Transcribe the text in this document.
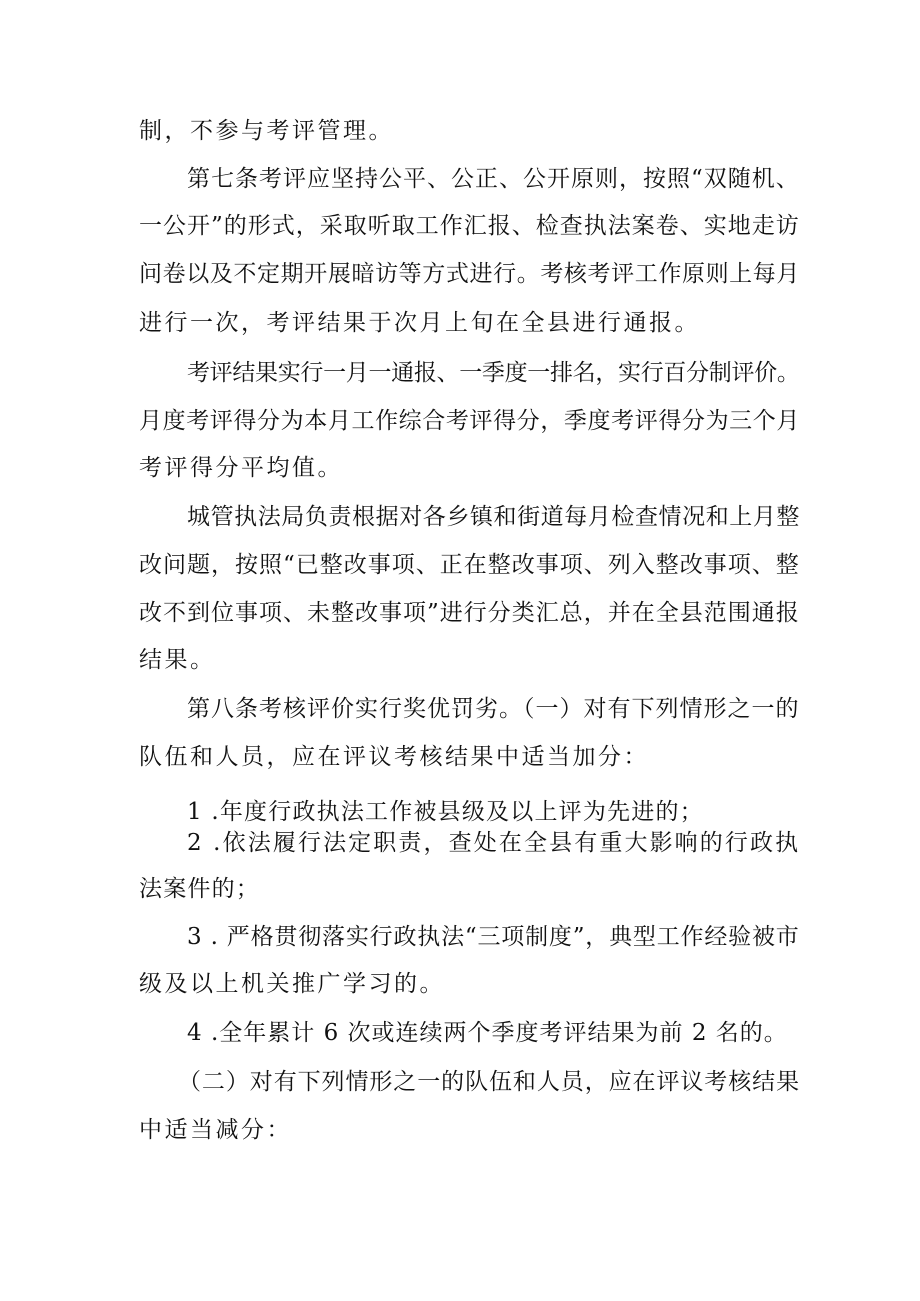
制，不参与考评管理。

第七条考评应坚持公平、公正、公开原则，按照“双随机、

一公开”的形式，采取听取工作汇报、检查执法案卷、实地走访

问卷以及不定期开展暗访等方式进行。考核考评工作原则上每月

进行一次，考评结果于次月上旬在全县进行通报。

考评结果实行一月一通报、一季度一排名，实行百分制评价。

月度考评得分为本月工作综合考评得分，季度考评得分为三个月

考评得分平均值。

城管执法局负责根据对各乡镇和街道每月检查情况和上月整

改问题，按照“已整改事项、正在整改事项、列入整改事项、整

改不到位事项、未整改事项”进行分类汇总，并在全县范围通报

结果。

第八条考核评价实行奖优罚劣。（一）对有下列情形之一的

队伍和人员，应在评议考核结果中适当加分：

1 .年度行政执法工作被县级及以上评为先进的；

2 .依法履行法定职责，查处在全县有重大影响的行政执

法案件的；

3 . 严格贯彻落实行政执法“三项制度”，典型工作经验被市

级及以上机关推广学习的。

4 .全年累计 6 次或连续两个季度考评结果为前 2 名的。

（二）对有下列情形之一的队伍和人员，应在评议考核结果

中适当减分：
